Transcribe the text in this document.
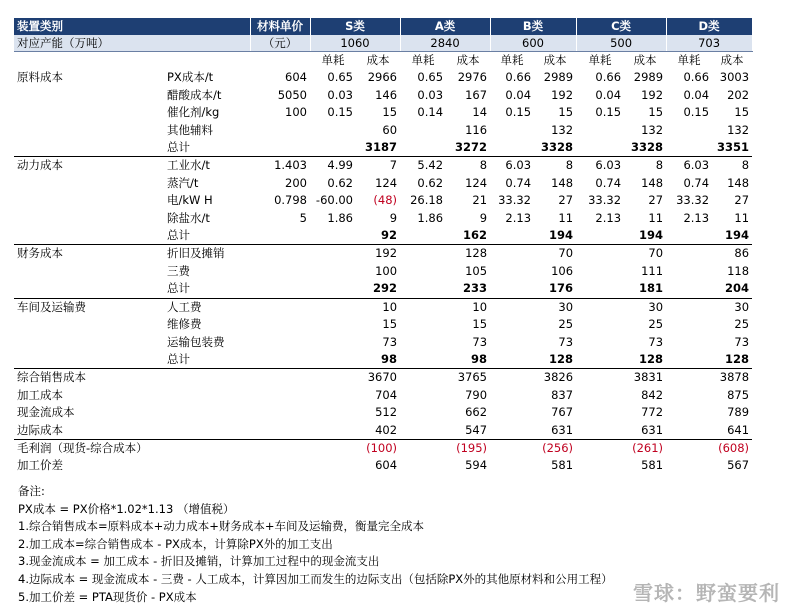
装置类别		材料单价	S类		A类		B类		C类		D类	
对应产能（万吨）		（元）	1060		2840		600		500		703	
			单耗	成本	单耗	成本	单耗	成本	单耗	成本	单耗	成本
原料成本	PX成本/t	604	0.65	2966	0.65	2976	0.66	2989	0.66	2989	0.66	3003
	醋酸成本/t	5050	0.03	146	0.03	167	0.04	192	0.04	192	0.04	202
	催化剂/kg	100	0.15	15	0.14	14	0.15	15	0.15	15	0.15	15
	其他辅料			60		116		132		132		132
	总计			3187		3272		3328		3328		3351
动力成本	工业水/t	1.403	4.99	7	5.42	8	6.03	8	6.03	8	6.03	8
	蒸汽/t	200	0.62	124	0.62	124	0.74	148	0.74	148	0.74	148
	电/kW H	0.798	-60.00	(48)	26.18	21	33.32	27	33.32	27	33.32	27
	除盐水/t	5	1.86	9	1.86	9	2.13	11	2.13	11	2.13	11
	总计			92		162		194		194		194
财务成本	折旧及摊销			192		128		70		70		86
	三费			100		105		106		111		118
	总计			292		233		176		181		204
车间及运输费	人工费			10		10		30		30		30
	维修费			15		15		25		25		25
	运输包装费			73		73		73		73		73
	总计			98		98		128		128		128
综合销售成本				3670		3765		3826		3831		3878
加工成本				704		790		837		842		875
现金流成本				512		662		767		772		789
边际成本				402		547		631		631		641
毛利润（现货-综合成本）				(100)		(195)		(256)		(261)		(608)
加工价差				604		594		581		581		567
备注:
PX成本 = PX价格*1.02*1.13 （增值税）
1.综合销售成本=原料成本+动力成本+财务成本+车间及运输费，衡量完全成本
2.加工成本=综合销售成本 - PX成本，计算除PX外的加工支出
3.现金流成本 = 加工成本 - 折旧及摊销，计算加工过程中的现金流支出
4.边际成本 = 现金流成本 - 三费 - 人工成本，计算因加工而发生的边际支出（包括除PX外的其他原材料和公用工程）
5.加工价差 = PTA现货价 - PX成本	雪球：野蛮要利
